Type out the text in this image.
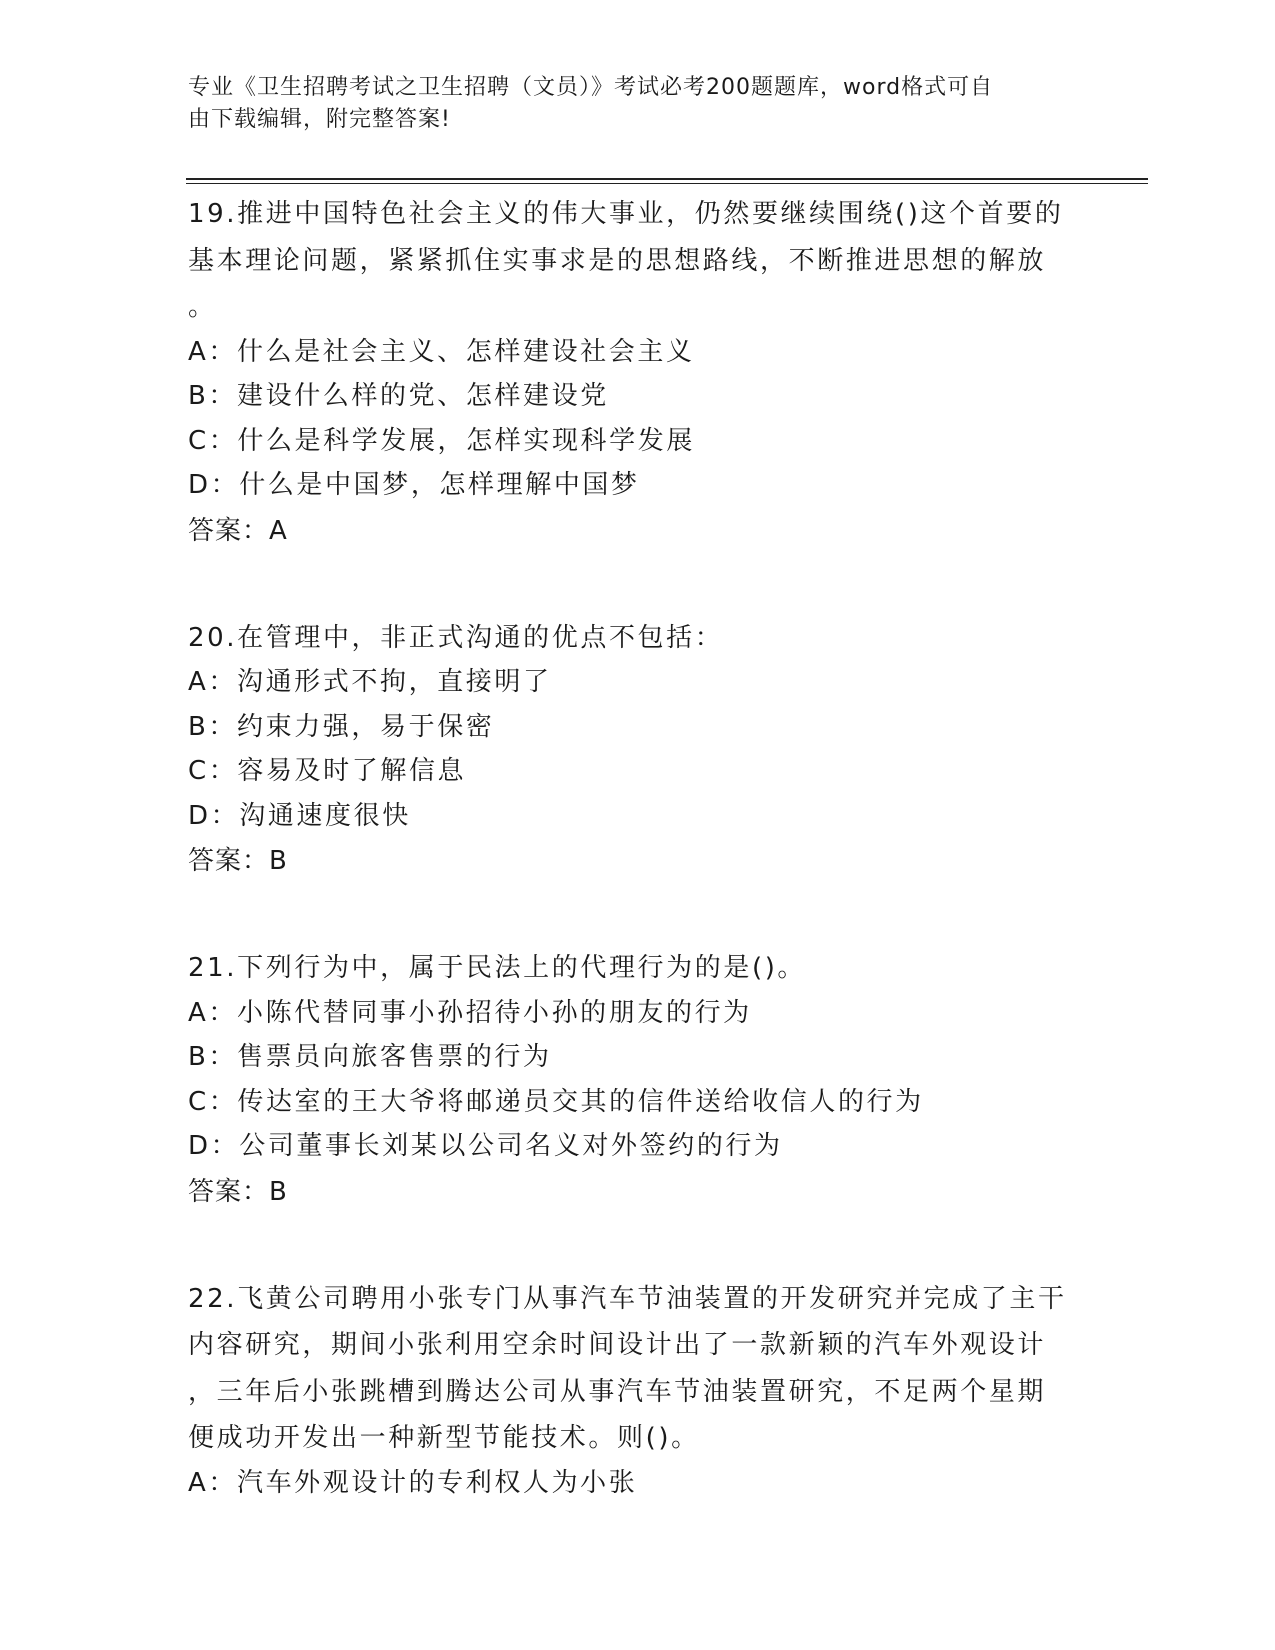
专业《卫生招聘考试之卫生招聘（文员）》考试必考200题题库，word格式可自
由下载编辑，附完整答案!
19.推进中国特色社会主义的伟大事业，仍然要继续围绕()这个首要的
基本理论问题，紧紧抓住实事求是的思想路线，不断推进思想的解放
。
A：什么是社会主义、怎样建设社会主义
B：建设什么样的党、怎样建设党
C：什么是科学发展，怎样实现科学发展
D：什么是中国梦，怎样理解中国梦
答案：A
20.在管理中，非正式沟通的优点不包括：
A：沟通形式不拘，直接明了
B：约束力强，易于保密
C：容易及时了解信息
D：沟通速度很快
答案：B
21.下列行为中，属于民法上的代理行为的是()。
A：小陈代替同事小孙招待小孙的朋友的行为
B：售票员向旅客售票的行为
C：传达室的王大爷将邮递员交其的信件送给收信人的行为
D：公司董事长刘某以公司名义对外签约的行为
答案：B
22.飞黄公司聘用小张专门从事汽车节油装置的开发研究并完成了主干
内容研究，期间小张利用空余时间设计出了一款新颖的汽车外观设计
，三年后小张跳槽到腾达公司从事汽车节油装置研究，不足两个星期
便成功开发出一种新型节能技术。则()。
A：汽车外观设计的专利权人为小张
